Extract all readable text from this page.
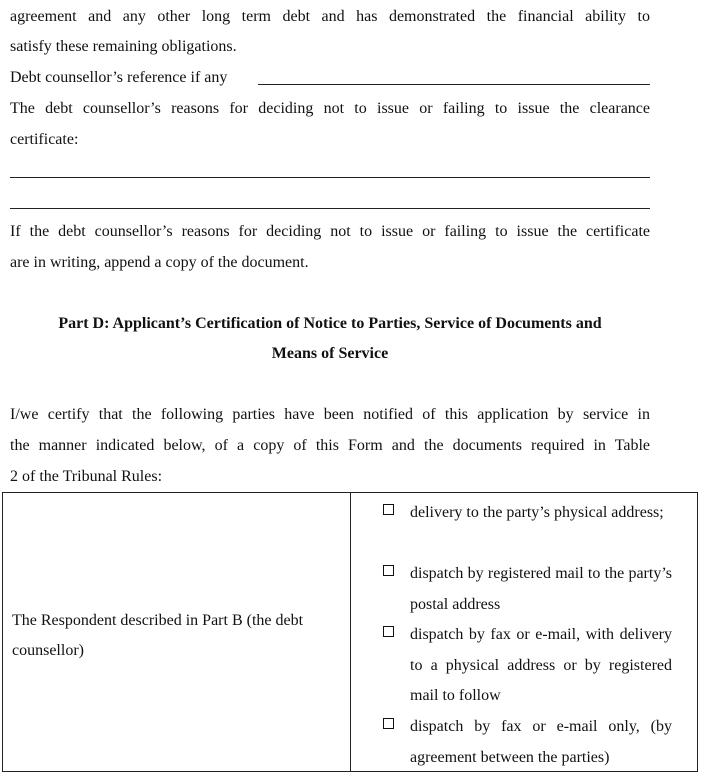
agreement and any other long term debt and has demonstrated the financial ability to
satisfy these remaining obligations.
Debt counsellor’s reference if any
The debt counsellor’s reasons for deciding not to issue or failing to issue the clearance
certificate:
If the debt counsellor’s reasons for deciding not to issue or failing to issue the certificate
are in writing, append a copy of the document.
Part D: Applicant’s Certification of Notice to Parties, Service of Documents and
Means of Service
I/we certify that the following parties have been notified of this application by service in
the manner indicated below, of a copy of this Form and the documents required in Table
2 of the Tribunal Rules:
The Respondent described in Part B (the debt counsellor)
delivery to the party’s physical address;
dispatch by registered mail to the party’s postal address
dispatch by fax or e-mail, with delivery to a physical address or by registered mail to follow
dispatch by fax or e-mail only, (by agreement between the parties)
